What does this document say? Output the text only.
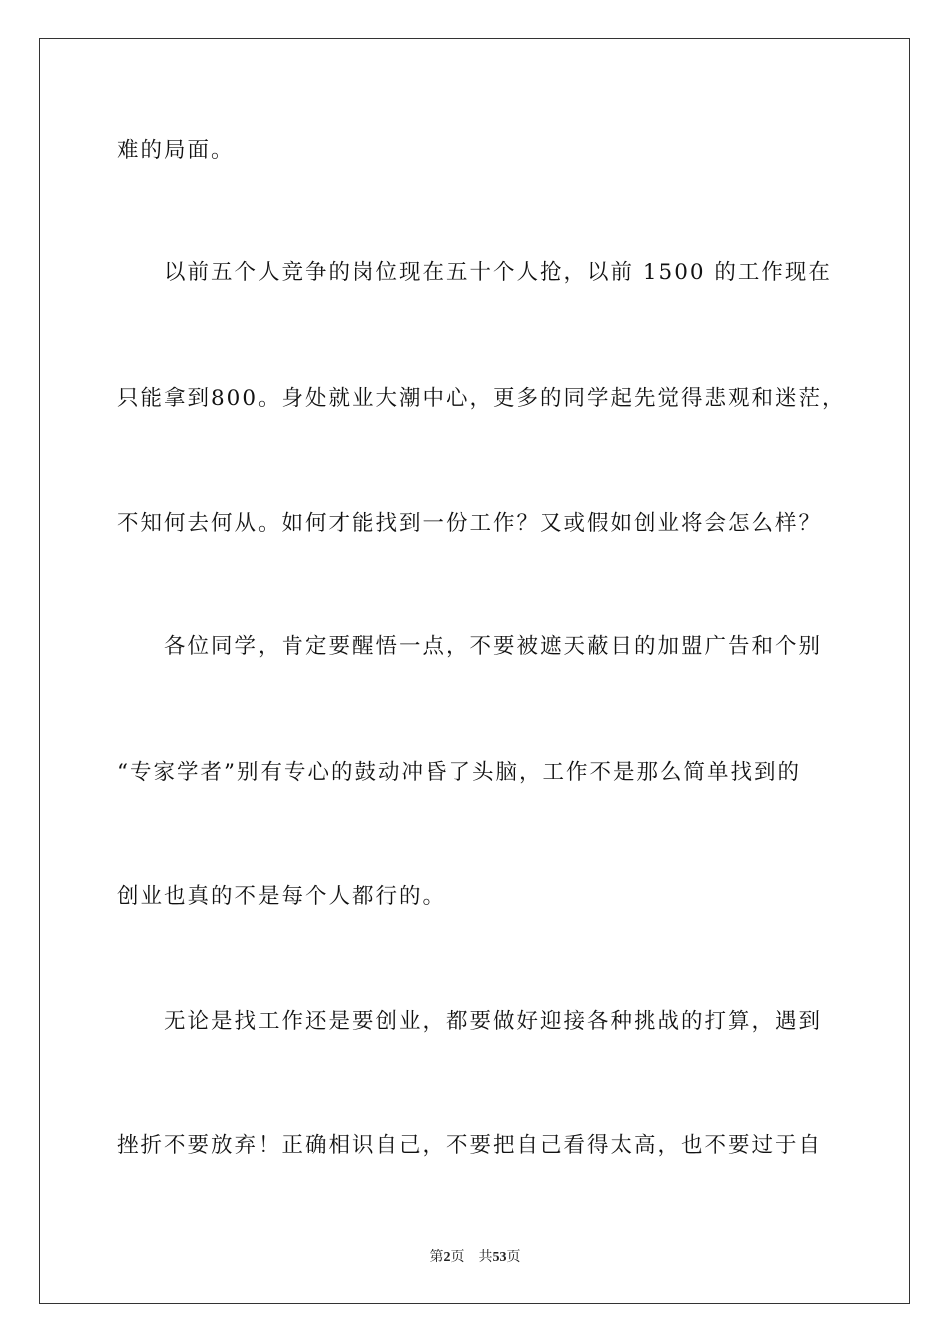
难的局面。
以前五个人竞争的岗位现在五十个人抢，以前 1500 的工作现在
只能拿到800。身处就业大潮中心，更多的同学起先觉得悲观和迷茫，
不知何去何从。如何才能找到一份工作？又或假如创业将会怎么样？
各位同学，肯定要醒悟一点，不要被遮天蔽日的加盟广告和个别
“专家学者”别有专心的鼓动冲昏了头脑，工作不是那么简单找到的
创业也真的不是每个人都行的。
无论是找工作还是要创业，都要做好迎接各种挑战的打算，遇到
挫折不要放弃！正确相识自己，不要把自己看得太高，也不要过于自
第2页 共53页
